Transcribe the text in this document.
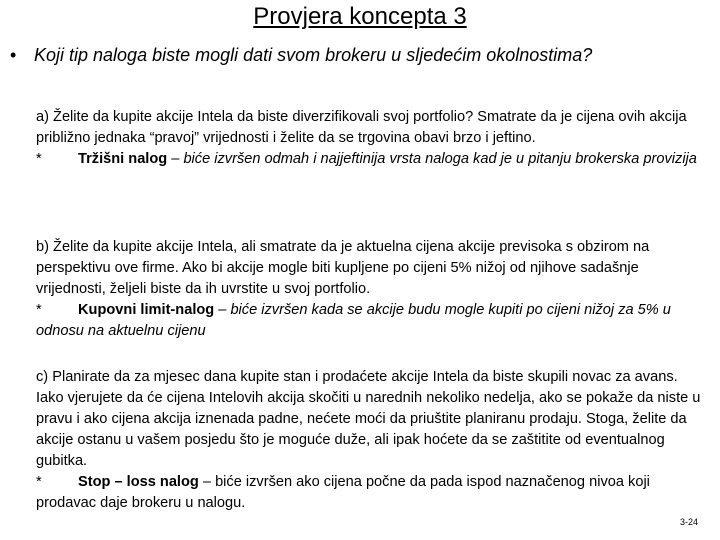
Provjera koncepta 3
• Koji tip naloga biste mogli dati svom brokeru u sljedećim okolnostima?

a) Želite da kupite akcije Intela da biste diverzifikovali svoj portfolio? Smatrate da je cijena ovih akcija približno jednaka “pravoj” vrijednosti i želite da se trgovina obavi brzo i jeftino.

* Tržišni nalog – biće izvršen odmah i najjeftinija vrsta naloga kad je u pitanju brokerska provizija

b) Želite da kupite akcije Intela, ali smatrate da je aktuelna cijena akcije previsoka s obzirom na perspektivu ove firme. Ako bi akcije mogle biti kupljene po cijeni 5% nižoj od njihove sadašnje vrijednosti, željeli biste da ih uvrstite u svoj portfolio.

* Kupovni limit-nalog – biće izvršen kada se akcije budu mogle kupiti po cijeni nižoj za 5% u odnosu na aktuelnu cijenu

c) Planirate da za mjesec dana kupite stan i prodaćete akcije Intela da biste skupili novac za avans. Iako vjerujete da će cijena Intelovih akcija skočiti u narednih nekoliko nedelja, ako se pokaže da niste u pravu i ako cijena akcija iznenada padne, nećete moći da priuštite planiranu prodaju. Stoga, želite da akcije ostanu u vašem posjedu što je moguće duže, ali ipak hoćete da se zaštitite od eventualnog gubitka.

* Stop – loss nalog – biće izvršen ako cijena počne da pada ispod naznačenog nivoa koji prodavac daje brokeru u nalogu.

3-24
